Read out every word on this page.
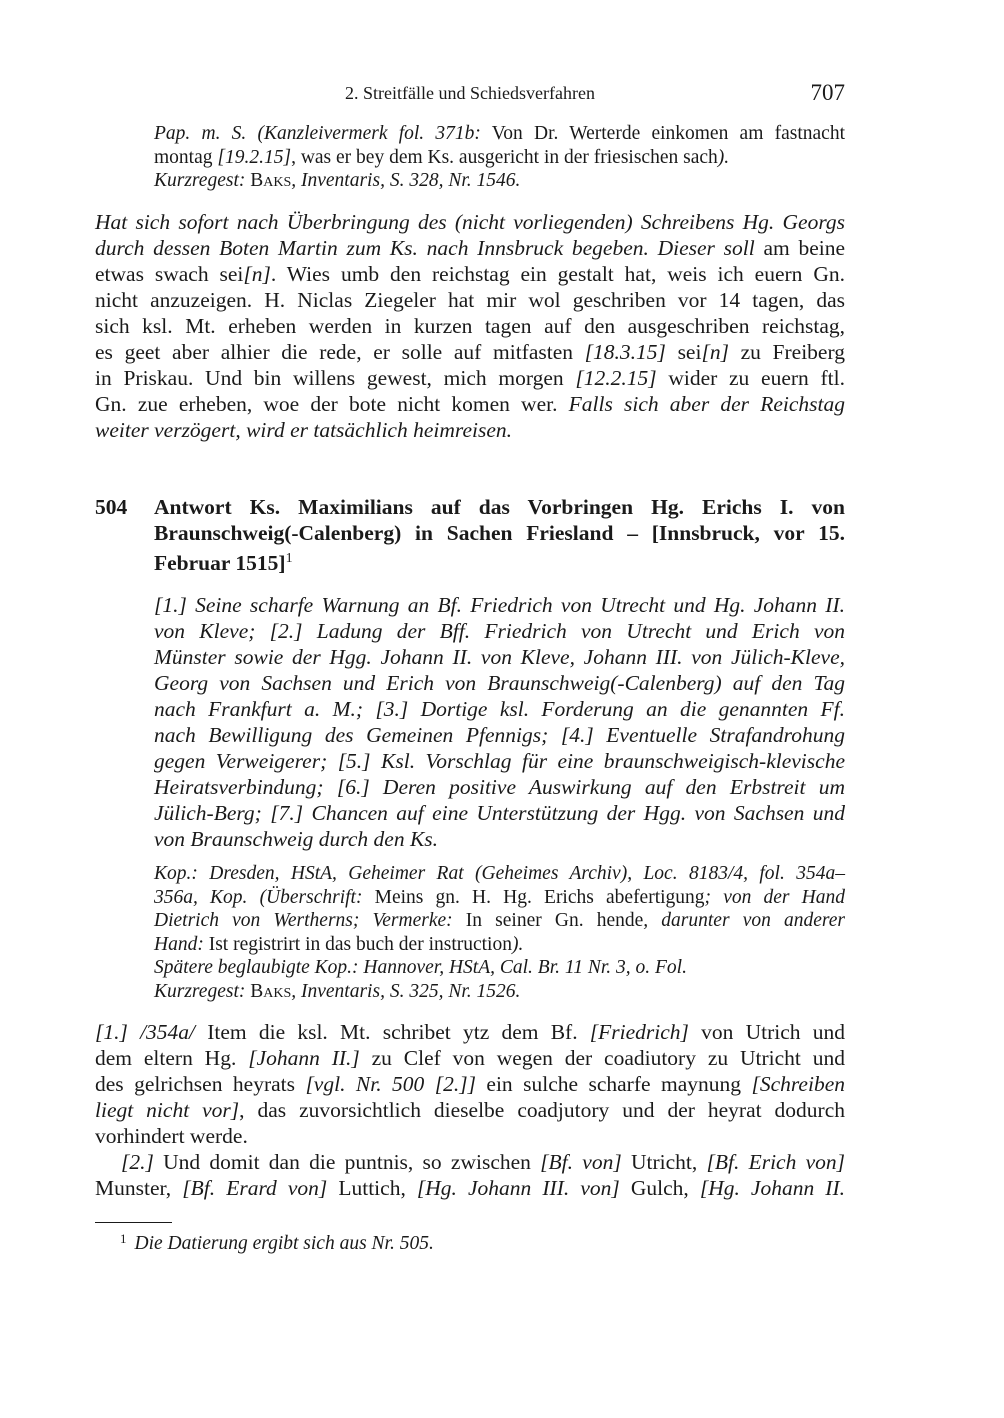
2. Streitfälle und Schiedsverfahren	707
Pap. m. S. (Kanzleivermerk fol. 371b: Von Dr. Werterde einkomen am fastnacht
montag [19.2.15], was er bey dem Ks. ausgericht in der friesischen sach).
Kurzregest: Baks, Inventaris, S. 328, Nr. 1546.
Hat sich sofort nach Überbringung des (nicht vorliegenden) Schreibens Hg. Georgs
durch dessen Boten Martin zum Ks. nach Innsbruck begeben. Dieser soll am beine
etwas swach sei[n]. Wies umb den reichstag ein gestalt hat, weis ich euern Gn.
nicht anzuzeigen. H. Niclas Ziegeler hat mir wol geschriben vor 14 tagen, das
sich ksl. Mt. erheben werden in kurzen tagen auf den ausgeschriben reichstag,
es geet aber alhier die rede, er solle auf mitfasten [18.3.15] sei[n] zu Freiberg
in Priskau. Und bin willens gewest, mich morgen [12.2.15] wider zu euern ftl.
Gn. zue erheben, woe der bote nicht komen wer. Falls sich aber der Reichstag
weiter verzögert, wird er tatsächlich heimreisen.
504 Antwort Ks. Maximilians auf das Vorbringen Hg. Erichs I. von
Braunschweig(-Calenberg) in Sachen Friesland – [Innsbruck, vor 15.
Februar 1515]$^1$
[1.] Seine scharfe Warnung an Bf. Friedrich von Utrecht und Hg. Johann II.
von Kleve; [2.] Ladung der Bff. Friedrich von Utrecht und Erich von
Münster sowie der Hgg. Johann II. von Kleve, Johann III. von Jülich-Kleve,
Georg von Sachsen und Erich von Braunschweig(-Calenberg) auf den Tag
nach Frankfurt a. M.; [3.] Dortige ksl. Forderung an die genannten Ff.
nach Bewilligung des Gemeinen Pfennigs; [4.] Eventuelle Strafandrohung
gegen Verweigerer; [5.] Ksl. Vorschlag für eine braunschweigisch-klevische
Heiratsverbindung; [6.] Deren positive Auswirkung auf den Erbstreit um
Jülich-Berg; [7.] Chancen auf eine Unterstützung der Hgg. von Sachsen und
von Braunschweig durch den Ks.
Kop.: Dresden, HStA, Geheimer Rat (Geheimes Archiv), Loc. 8183/4, fol. 354a–
356a, Kop. (Überschrift: Meins gn. H. Hg. Erichs abefertigung; von der Hand
Dietrich von Wertherns; Vermerke: In seiner Gn. hende, darunter von anderer
Hand: Ist registrirt in das buch der instruction).
Spätere beglaubigte Kop.: Hannover, HStA, Cal. Br. 11 Nr. 3, o. Fol.
Kurzregest: Baks, Inventaris, S. 325, Nr. 1526.
[1.] /354a/ Item die ksl. Mt. schribet ytz dem Bf. [Friedrich] von Utrich und
dem eltern Hg. [Johann II.] zu Clef von wegen der coadiutory zu Utricht und
des gelrichsen heyrats [vgl. Nr. 500 [2.]] ein sulche scharfe maynung [Schreiben
liegt nicht vor], das zuvorsichtlich dieselbe coadjutory und der heyrat dodurch
vorhindert werde.
[2.] Und domit dan die puntnis, so zwischen [Bf. von] Utricht, [Bf. Erich von]
Munster, [Bf. Erard von] Luttich, [Hg. Johann III. von] Gulch, [Hg. Johann II.
$^1$ Die Datierung ergibt sich aus Nr. 505.
